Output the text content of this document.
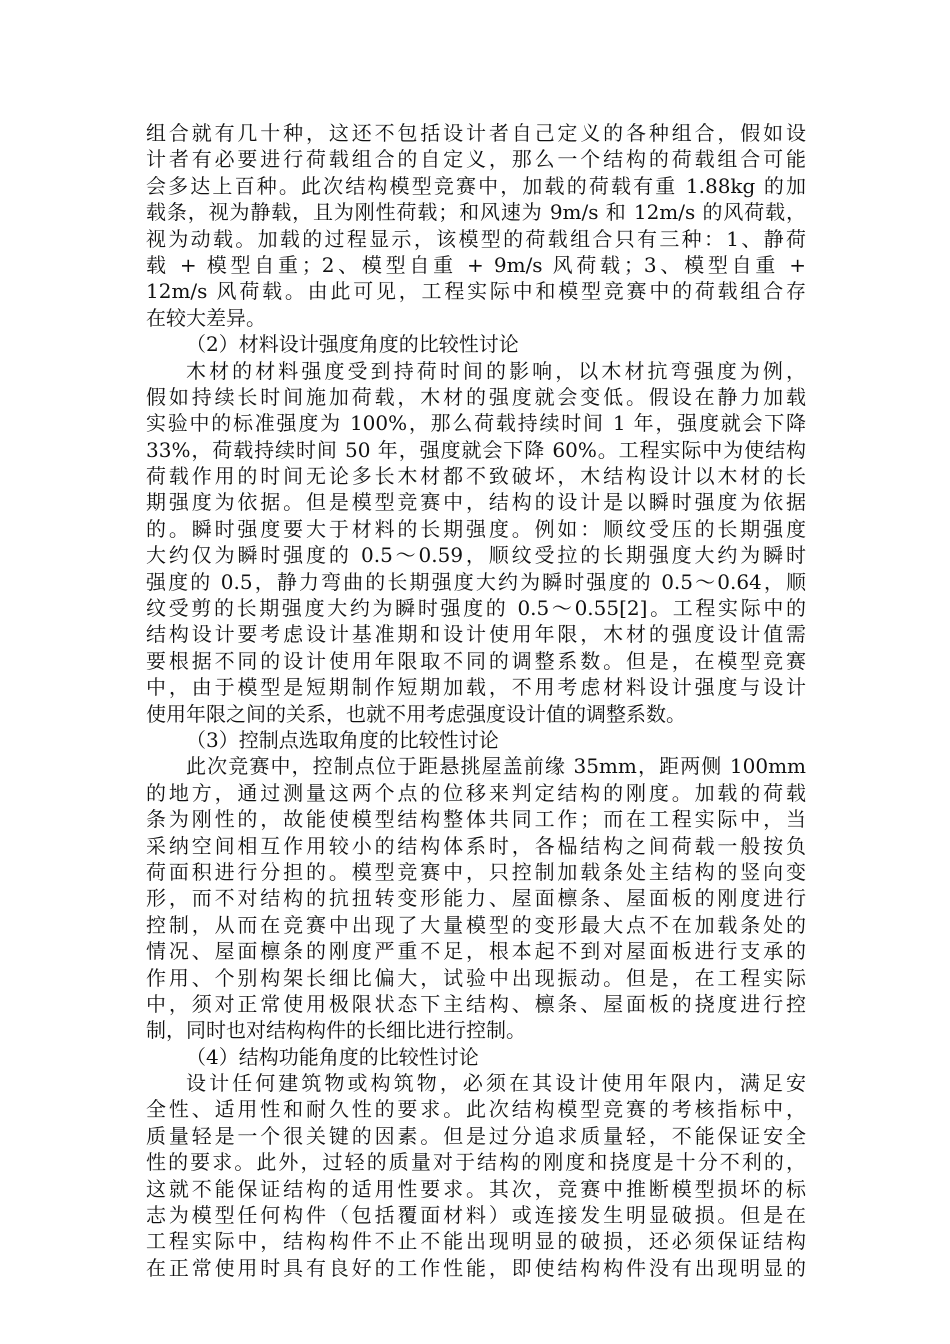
组合就有几十种，这还不包括设计者自己定义的各种组合，假如设
计者有必要进行荷载组合的自定义，那么一个结构的荷载组合可能
会多达上百种。此次结构模型竞赛中，加载的荷载有重 1.88kg 的加
载条，视为静载，且为刚性荷载；和风速为 9m/s 和 12m/s 的风荷载，
视为动载。加载的过程显示，该模型的荷载组合只有三种：1、静荷
载 + 模型自重；2、模型自重 + 9m/s 风荷载；3、模型自重 +
12m/s 风荷载。由此可见，工程实际中和模型竞赛中的荷载组合存
在较大差异。
（2）材料设计强度角度的比较性讨论
木材的材料强度受到持荷时间的影响，以木材抗弯强度为例，
假如持续长时间施加荷载，木材的强度就会变低。假设在静力加载
实验中的标准强度为 100%，那么荷载持续时间 1 年，强度就会下降
33%，荷载持续时间 50 年，强度就会下降 60%。工程实际中为使结构
荷载作用的时间无论多长木材都不致破坏，木结构设计以木材的长
期强度为依据。但是模型竞赛中，结构的设计是以瞬时强度为依据
的。瞬时强度要大于材料的长期强度。例如：顺纹受压的长期强度
大约仅为瞬时强度的 0.5～0.59，顺纹受拉的长期强度大约为瞬时
强度的 0.5，静力弯曲的长期强度大约为瞬时强度的 0.5～0.64，顺
纹受剪的长期强度大约为瞬时强度的 0.5～0.55[2]。工程实际中的
结构设计要考虑设计基准期和设计使用年限，木材的强度设计值需
要根据不同的设计使用年限取不同的调整系数。但是，在模型竞赛
中，由于模型是短期制作短期加载，不用考虑材料设计强度与设计
使用年限之间的关系，也就不用考虑强度设计值的调整系数。
（3）控制点选取角度的比较性讨论
此次竞赛中，控制点位于距悬挑屋盖前缘 35mm，距两侧 100mm
的地方，通过测量这两个点的位移来判定结构的刚度。加载的荷载
条为刚性的，故能使模型结构整体共同工作；而在工程实际中，当
采纳空间相互作用较小的结构体系时，各榀结构之间荷载一般按负
荷面积进行分担的。模型竞赛中，只控制加载条处主结构的竖向变
形，而不对结构的抗扭转变形能力、屋面檩条、屋面板的刚度进行
控制，从而在竞赛中出现了大量模型的变形最大点不在加载条处的
情况、屋面檩条的刚度严重不足，根本起不到对屋面板进行支承的
作用、个别构架长细比偏大，试验中出现振动。但是，在工程实际
中，须对正常使用极限状态下主结构、檩条、屋面板的挠度进行控
制，同时也对结构构件的长细比进行控制。
（4）结构功能角度的比较性讨论
设计任何建筑物或构筑物，必须在其设计使用年限内，满足安
全性、适用性和耐久性的要求。此次结构模型竞赛的考核指标中，
质量轻是一个很关键的因素。但是过分追求质量轻，不能保证安全
性的要求。此外，过轻的质量对于结构的刚度和挠度是十分不利的，
这就不能保证结构的适用性要求。其次，竞赛中推断模型损坏的标
志为模型任何构件（包括覆面材料）或连接发生明显破损。但是在
工程实际中，结构构件不止不能出现明显的破损，还必须保证结构
在正常使用时具有良好的工作性能，即使结构构件没有出现明显的
